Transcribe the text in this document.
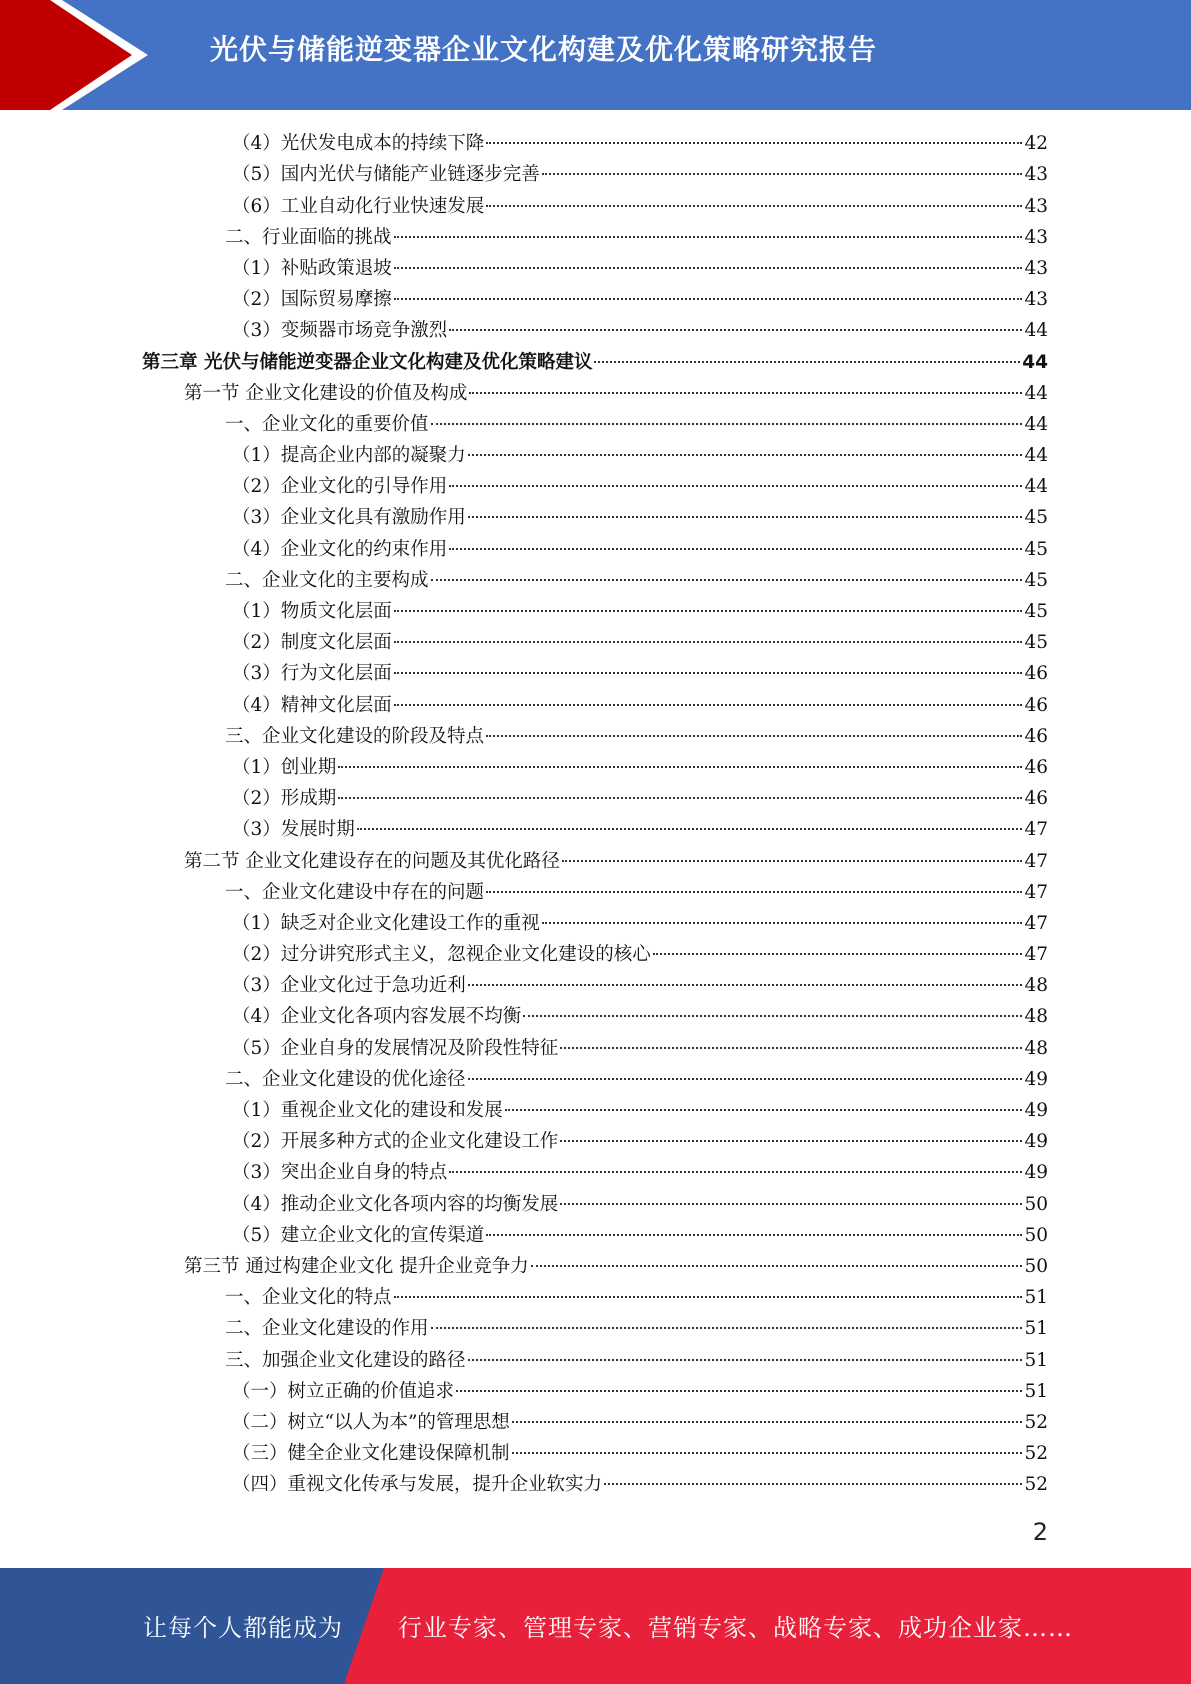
光伏与储能逆变器企业文化构建及优化策略研究报告
（4）光伏发电成本的持续下降	42
（5）国内光伏与储能产业链逐步完善	43
（6）工业自动化行业快速发展	43
二、行业面临的挑战	43
（1）补贴政策退坡	43
（2）国际贸易摩擦	43
（3）变频器市场竞争激烈	44
第三章 光伏与储能逆变器企业文化构建及优化策略建议	44
第一节 企业文化建设的价值及构成	44
一、企业文化的重要价值	44
（1）提高企业内部的凝聚力	44
（2）企业文化的引导作用	44
（3）企业文化具有激励作用	45
（4）企业文化的约束作用	45
二、企业文化的主要构成	45
（1）物质文化层面	45
（2）制度文化层面	45
（3）行为文化层面	46
（4）精神文化层面	46
三、企业文化建设的阶段及特点	46
（1）创业期	46
（2）形成期	46
（3）发展时期	47
第二节 企业文化建设存在的问题及其优化路径	47
一、企业文化建设中存在的问题	47
（1）缺乏对企业文化建设工作的重视	47
（2）过分讲究形式主义，忽视企业文化建设的核心	47
（3）企业文化过于急功近利	48
（4）企业文化各项内容发展不均衡	48
（5）企业自身的发展情况及阶段性特征	48
二、企业文化建设的优化途径	49
（1）重视企业文化的建设和发展	49
（2）开展多种方式的企业文化建设工作	49
（3）突出企业自身的特点	49
（4）推动企业文化各项内容的均衡发展	50
（5）建立企业文化的宣传渠道	50
第三节 通过构建企业文化 提升企业竞争力	50
一、企业文化的特点	51
二、企业文化建设的作用	51
三、加强企业文化建设的路径	51
（一）树立正确的价值追求	51
（二）树立“以人为本”的管理思想	52
（三）健全企业文化建设保障机制	52
（四）重视文化传承与发展，提升企业软实力	52
2
让每个人都能成为 行业专家、管理专家、营销专家、战略专家、成功企业家……
